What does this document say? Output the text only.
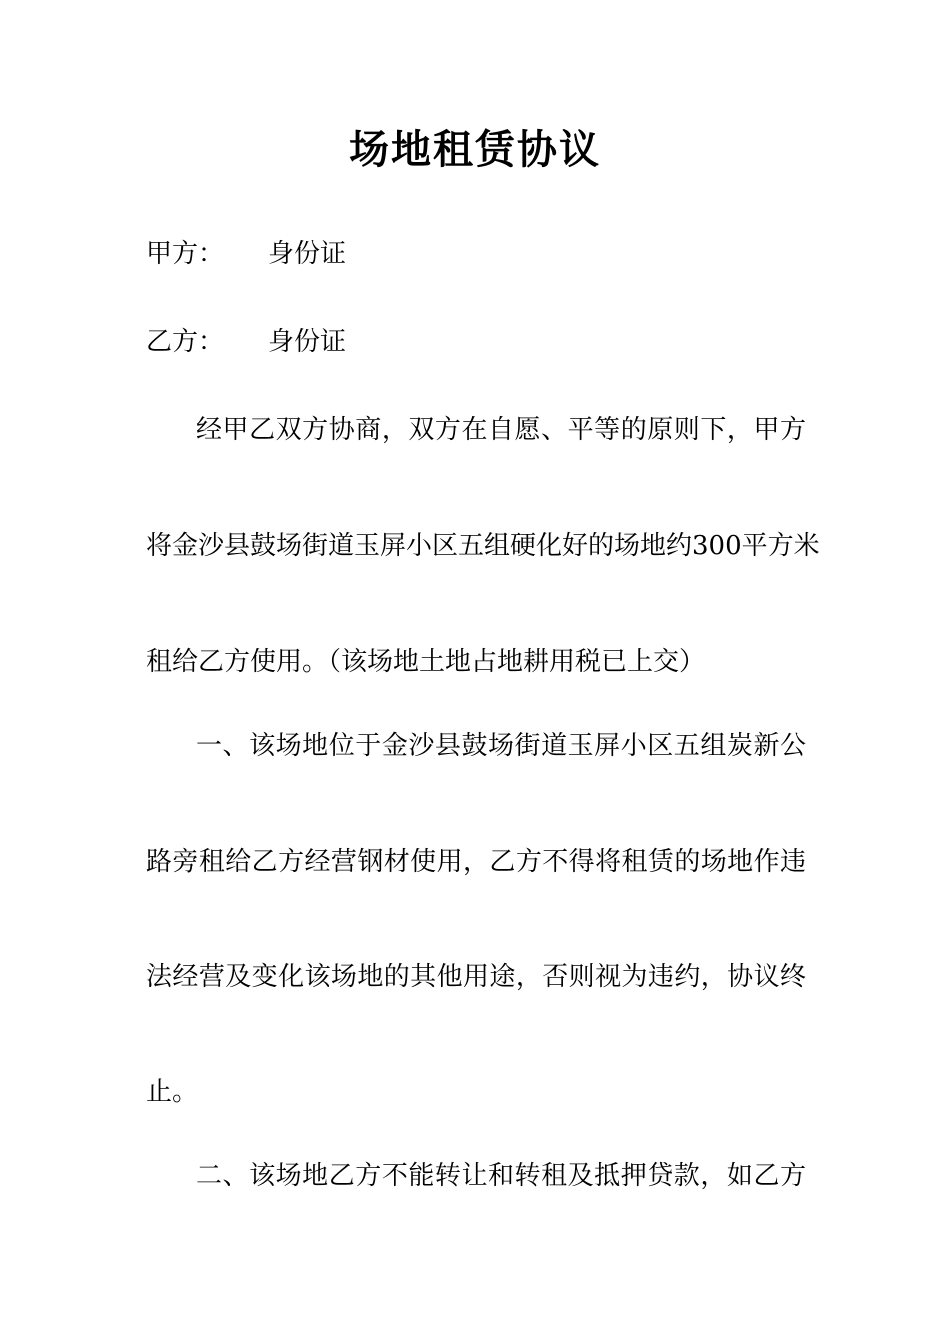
场地租赁协议
甲方： 身份证
乙方： 身份证
经甲乙双方协商，双方在自愿、平等的原则下，甲方
将金沙县鼓场街道玉屏小区五组硬化好的场地约300平方米
租给乙方使用。（该场地土地占地耕用税已上交）
一、该场地位于金沙县鼓场街道玉屏小区五组炭新公
路旁租给乙方经营钢材使用，乙方不得将租赁的场地作违
法经营及变化该场地的其他用途，否则视为违约，协议终
止。
二、该场地乙方不能转让和转租及抵押贷款，如乙方
